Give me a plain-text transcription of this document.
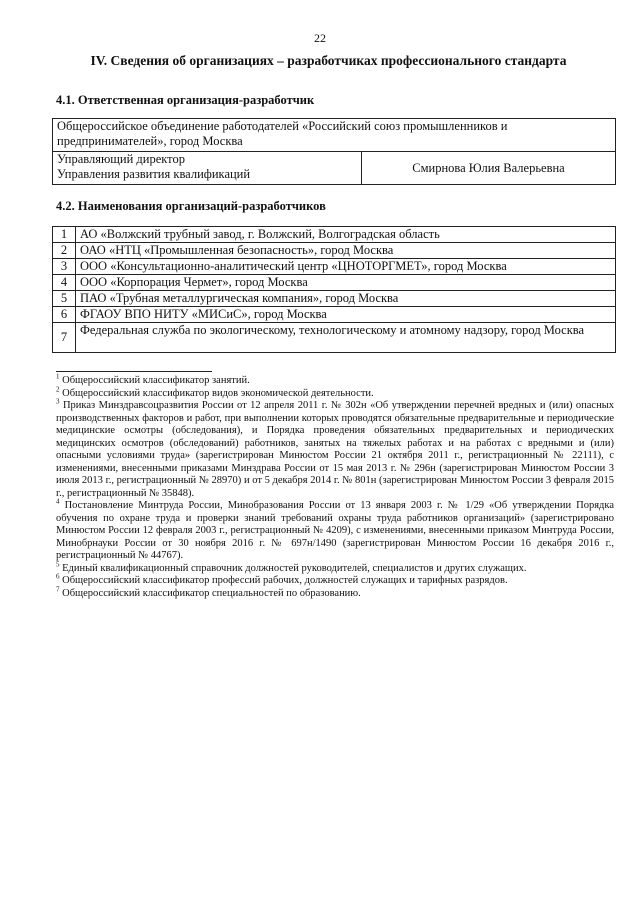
22
IV. Сведения об организациях – разработчиках профессионального стандарта
4.1. Ответственная организация-разработчик
Общероссийское объединение работодателей «Российский союз промышленников и предпринимателей», город Москва

Управляющий директор
Управления развития квалификаций	Смирнова Юлия Валерьевна
4.2. Наименования организаций-разработчиков
1	АО «Волжский трубный завод, г. Волжский, Волгоградская область
2	ОАО «НТЦ «Промышленная безопасность», город Москва
3	ООО «Консультационно-аналитический центр «ЦНОТОРГМЕТ», город Москва
4	ООО «Корпорация Чермет», город Москва
5	ПАО «Трубная металлургическая компания», город Москва
6	ФГАОУ ВПО НИТУ «МИСиС», город Москва
7	Федеральная служба по экологическому, технологическому и атомному надзору, город Москва

$^1$ Общероссийский классификатор занятий.

$^2$ Общероссийский классификатор видов экономической деятельности.

$^3$ Приказ Минздравсоцразвития России от 12 апреля 2011 г. № 302н «Об утверждении перечней вредных и (или) опасных производственных факторов и работ, при выполнении которых проводятся обязательные предварительные и периодические медицинские осмотры (обследования), и Порядка проведения обязательных предварительных и периодических медицинских осмотров (обследований) работников, занятых на тяжелых работах и на работах с вредными и (или) опасными условиями труда» (зарегистрирован Минюстом России 21 октября 2011 г., регистрационный № 22111), с изменениями, внесенными приказами Минздрава России от 15 мая 2013 г. № 296н (зарегистрирован Минюстом России 3 июля 2013 г., регистрационный № 28970) и от 5 декабря 2014 г. № 801н (зарегистрирован Минюстом России 3 февраля 2015 г., регистрационный № 35848).

$^4$ Постановление Минтруда России, Минобразования России от 13 января 2003 г. № 1/29 «Об утверждении Порядка обучения по охране труда и проверки знаний требований охраны труда работников организаций» (зарегистрировано Минюстом России 12 февраля 2003 г., регистрационный № 4209), с изменениями, внесенными приказом Минтруда России, Минобрнауки России от 30 ноября 2016 г. № 697н/1490 (зарегистрирован Минюстом России 16 декабря 2016 г., регистрационный № 44767).

$^5$ Единый квалификационный справочник должностей руководителей, специалистов и других служащих.

$^6$ Общероссийский классификатор профессий рабочих, должностей служащих и тарифных разрядов.

$^7$ Общероссийский классификатор специальностей по образованию.
